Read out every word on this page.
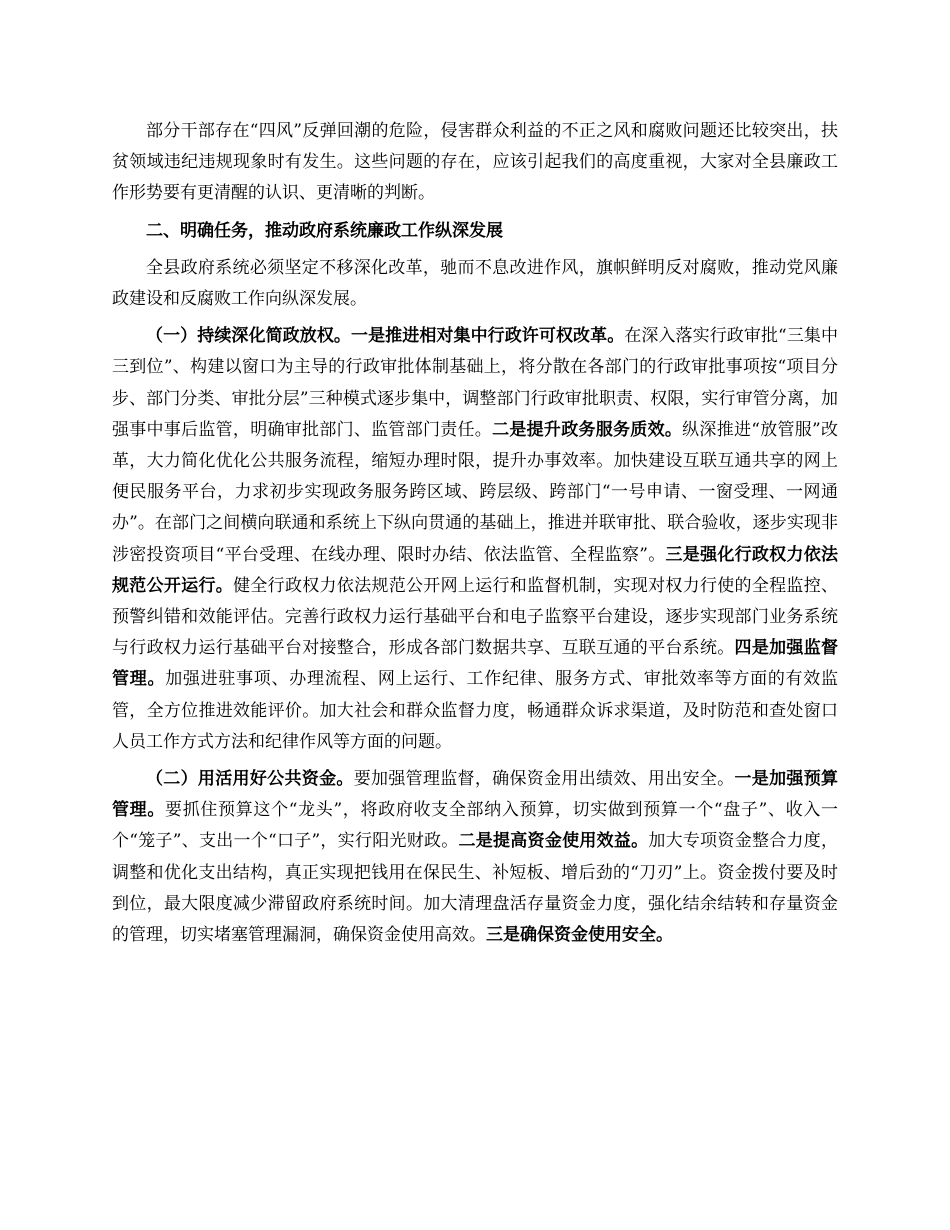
部分干部存在“四风”反弹回潮的危险，侵害群众利益的不正之风和腐败问题还比较突出，扶贫领域违纪违规现象时有发生。这些问题的存在，应该引起我们的高度重视，大家对全县廉政工作形势要有更清醒的认识、更清晰的判断。

二、明确任务，推动政府系统廉政工作纵深发展

全县政府系统必须坚定不移深化改革，驰而不息改进作风，旗帜鲜明反对腐败，推动党风廉政建设和反腐败工作向纵深发展。

（一）持续深化简政放权。一是推进相对集中行政许可权改革。在深入落实行政审批“三集中三到位”、构建以窗口为主导的行政审批体制基础上，将分散在各部门的行政审批事项按“项目分步、部门分类、审批分层”三种模式逐步集中，调整部门行政审批职责、权限，实行审管分离，加强事中事后监管，明确审批部门、监管部门责任。二是提升政务服务质效。纵深推进“放管服”改革，大力简化优化公共服务流程，缩短办理时限，提升办事效率。加快建设互联互通共享的网上便民服务平台，力求初步实现政务服务跨区域、跨层级、跨部门“一号申请、一窗受理、一网通办”。在部门之间横向联通和系统上下纵向贯通的基础上，推进并联审批、联合验收，逐步实现非涉密投资项目“平台受理、在线办理、限时办结、依法监管、全程监察”。三是强化行政权力依法规范公开运行。健全行政权力依法规范公开网上运行和监督机制，实现对权力行使的全程监控、预警纠错和效能评估。完善行政权力运行基础平台和电子监察平台建设，逐步实现部门业务系统与行政权力运行基础平台对接整合，形成各部门数据共享、互联互通的平台系统。四是加强监督管理。加强进驻事项、办理流程、网上运行、工作纪律、服务方式、审批效率等方面的有效监管，全方位推进效能评价。加大社会和群众监督力度，畅通群众诉求渠道，及时防范和查处窗口人员工作方式方法和纪律作风等方面的问题。

（二）用活用好公共资金。要加强管理监督，确保资金用出绩效、用出安全。一是加强预算管理。要抓住预算这个“龙头”，将政府收支全部纳入预算，切实做到预算一个“盘子”、收入一个“笼子”、支出一个“口子”，实行阳光财政。二是提高资金使用效益。加大专项资金整合力度，调整和优化支出结构，真正实现把钱用在保民生、补短板、增后劲的“刀刃”上。资金拨付要及时到位，最大限度减少滞留政府系统时间。加大清理盘活存量资金力度，强化结余结转和存量资金的管理，切实堵塞管理漏洞，确保资金使用高效。三是确保资金使用安全。
